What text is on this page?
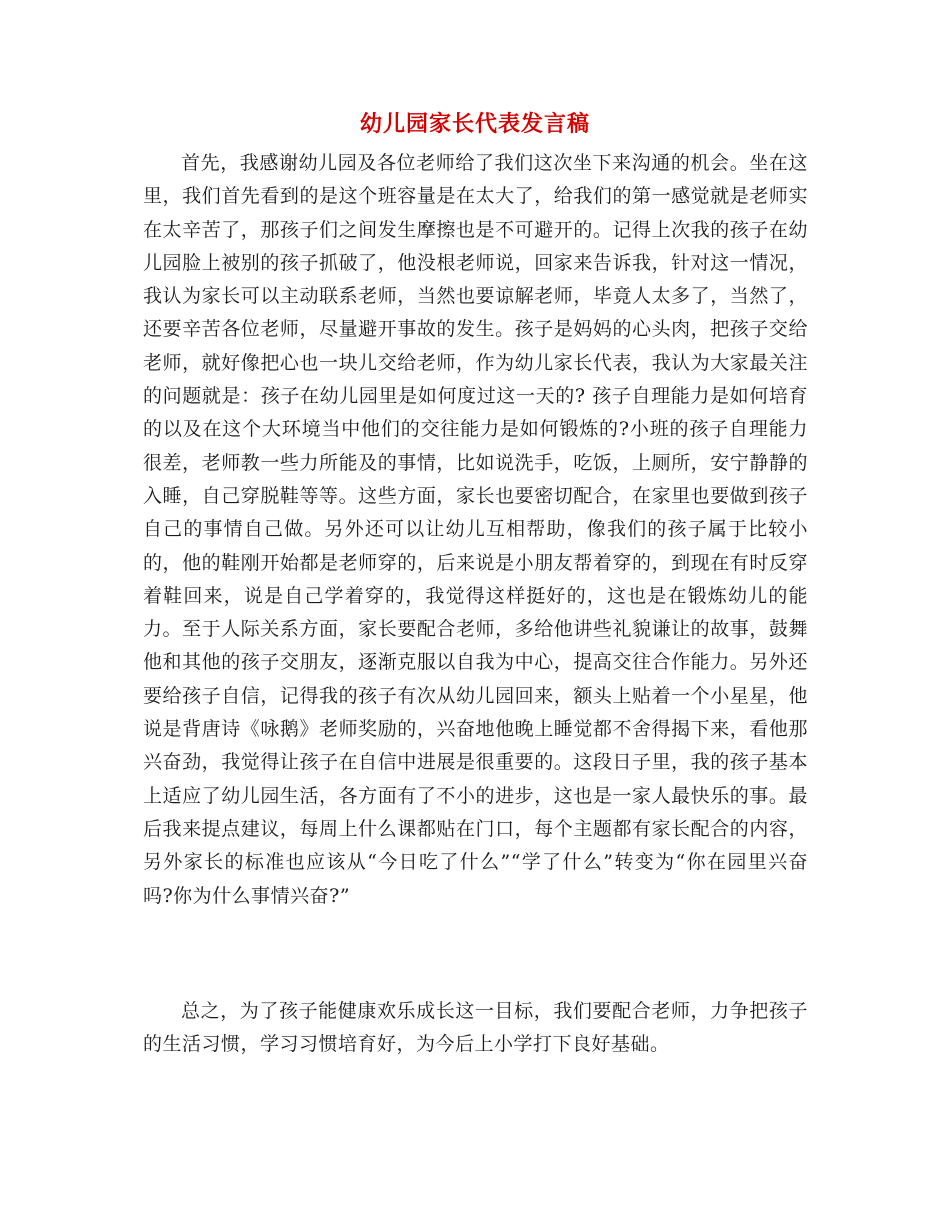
幼儿园家长代表发言稿

首先，我感谢幼儿园及各位老师给了我们这次坐下来沟通的机会。坐在这里，我们首先看到的是这个班容量是在太大了，给我们的第一感觉就是老师实在太辛苦了，那孩子们之间发生摩擦也是不可避开的。记得上次我的孩子在幼儿园脸上被别的孩子抓破了，他没根老师说，回家来告诉我，针对这一情况，我认为家长可以主动联系老师，当然也要谅解老师，毕竟人太多了，当然了，还要辛苦各位老师，尽量避开事故的发生。孩子是妈妈的心头肉，把孩子交给老师，就好像把心也一块儿交给老师，作为幼儿家长代表，我认为大家最关注的问题就是：孩子在幼儿园里是如何度过这一天的? 孩子自理能力是如何培育的以及在这个大环境当中他们的交往能力是如何锻炼的?小班的孩子自理能力很差，老师教一些力所能及的事情，比如说洗手，吃饭，上厕所，安宁静静的入睡，自己穿脱鞋等等。这些方面，家长也要密切配合，在家里也要做到孩子自己的事情自己做。另外还可以让幼儿互相帮助，像我们的孩子属于比较小的，他的鞋刚开始都是老师穿的，后来说是小朋友帮着穿的，到现在有时反穿着鞋回来，说是自己学着穿的，我觉得这样挺好的，这也是在锻炼幼儿的能力。至于人际关系方面，家长要配合老师，多给他讲些礼貌谦让的故事，鼓舞他和其他的孩子交朋友，逐渐克服以自我为中心，提高交往合作能力。另外还要给孩子自信，记得我的孩子有次从幼儿园回来，额头上贴着一个小星星，他说是背唐诗《咏鹅》老师奖励的，兴奋地他晚上睡觉都不舍得揭下来，看他那兴奋劲，我觉得让孩子在自信中进展是很重要的。这段日子里，我的孩子基本上适应了幼儿园生活，各方面有了不小的进步，这也是一家人最快乐的事。最后我来提点建议，每周上什么课都贴在门口，每个主题都有家长配合的内容，另外家长的标准也应该从“今日吃了什么”“学了什么”转变为“你在园里兴奋吗?你为什么事情兴奋?”

总之，为了孩子能健康欢乐成长这一目标，我们要配合老师，力争把孩子的生活习惯，学习习惯培育好，为今后上小学打下良好基础。
